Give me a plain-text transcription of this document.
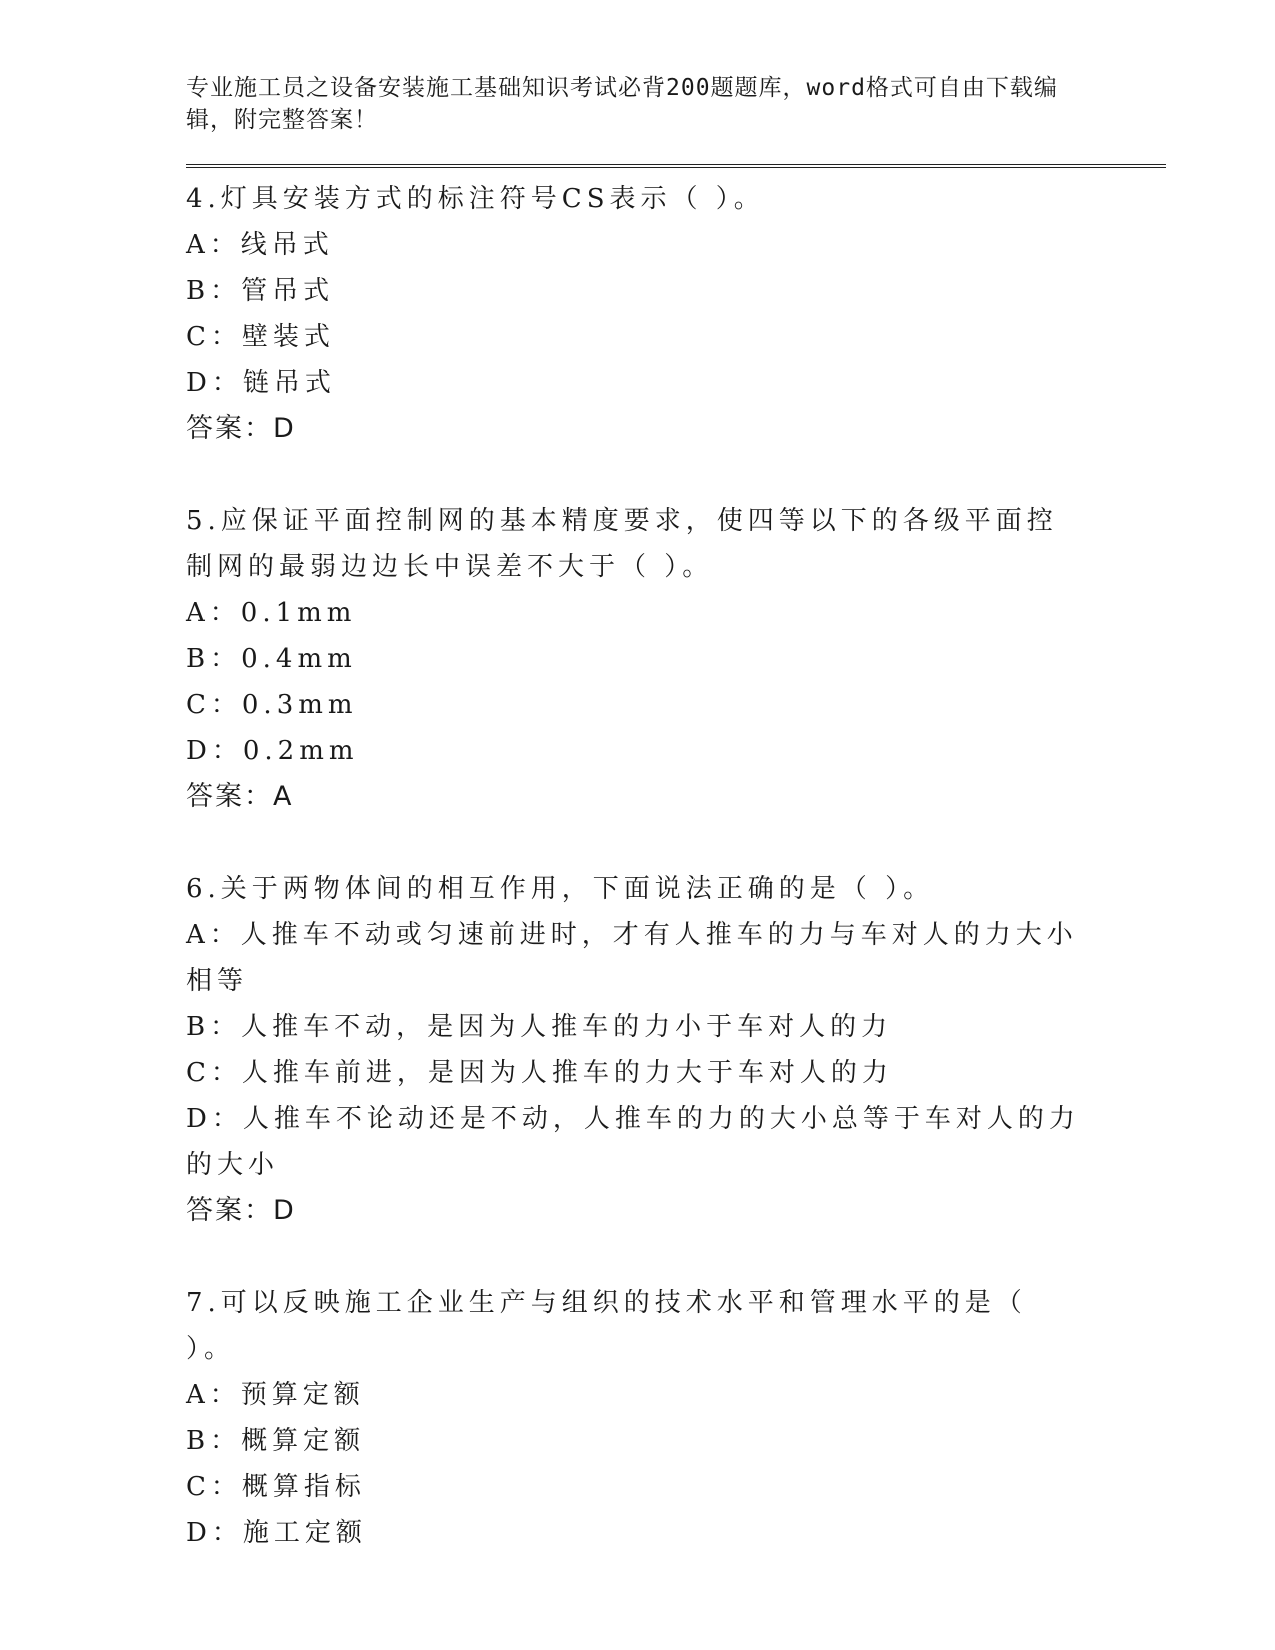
专业施工员之设备安装施工基础知识考试必背200题题库，word格式可自由下载编辑，附完整答案！

4.灯具安装方式的标注符号CS表示（ ）。

A：线吊式

B：管吊式

C：壁装式

D：链吊式

答案：D

5.应保证平面控制网的基本精度要求，使四等以下的各级平面控制网的最弱边边长中误差不大于（ ）。

A：0.1mm

B：0.4mm

C：0.3mm

D：0.2mm

答案：A

6.关于两物体间的相互作用，下面说法正确的是（ ）。

A：人推车不动或匀速前进时，才有人推车的力与车对人的力大小相等

B：人推车不动，是因为人推车的力小于车对人的力

C：人推车前进，是因为人推车的力大于车对人的力

D：人推车不论动还是不动，人推车的力的大小总等于车对人的力的大小

答案：D

7.可以反映施工企业生产与组织的技术水平和管理水平的是（ ）。

A：预算定额

B：概算定额

C：概算指标

D：施工定额
